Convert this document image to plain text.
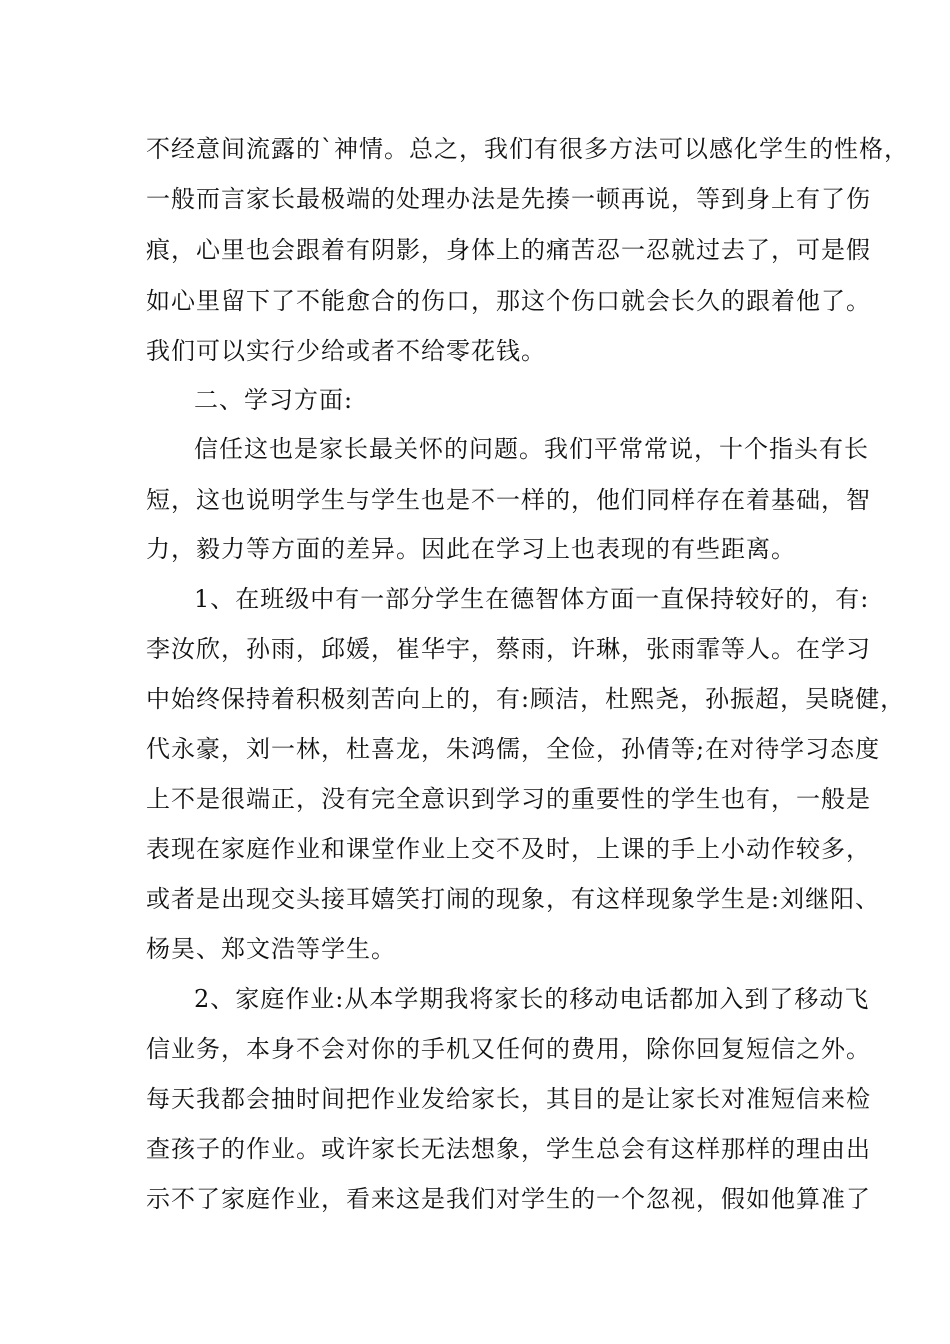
不经意间流露的`神情。总之，我们有很多方法可以感化学生的性格，
一般而言家长最极端的处理办法是先揍一顿再说，等到身上有了伤
痕，心里也会跟着有阴影，身体上的痛苦忍一忍就过去了，可是假
如心里留下了不能愈合的伤口，那这个伤口就会长久的跟着他了。
我们可以实行少给或者不给零花钱。
二、学习方面:
信任这也是家长最关怀的问题。我们平常常说，十个指头有长
短，这也说明学生与学生也是不一样的，他们同样存在着基础，智
力，毅力等方面的差异。因此在学习上也表现的有些距离。
1、在班级中有一部分学生在德智体方面一直保持较好的，有:
李汝欣，孙雨，邱媛，崔华宇，蔡雨，许琳，张雨霏等人。在学习
中始终保持着积极刻苦向上的，有:顾洁，杜熙尧，孙振超，吴晓健，
代永豪，刘一林，杜喜龙，朱鸿儒，全俭，孙倩等;在对待学习态度
上不是很端正，没有完全意识到学习的重要性的学生也有，一般是
表现在家庭作业和课堂作业上交不及时，上课的手上小动作较多，
或者是出现交头接耳嬉笑打闹的现象，有这样现象学生是:刘继阳、
杨昊、郑文浩等学生。
2、家庭作业:从本学期我将家长的移动电话都加入到了移动飞
信业务，本身不会对你的手机又任何的费用，除你回复短信之外。
每天我都会抽时间把作业发给家长，其目的是让家长对准短信来检
查孩子的作业。或许家长无法想象，学生总会有这样那样的理由出
示不了家庭作业，看来这是我们对学生的一个忽视，假如他算准了
